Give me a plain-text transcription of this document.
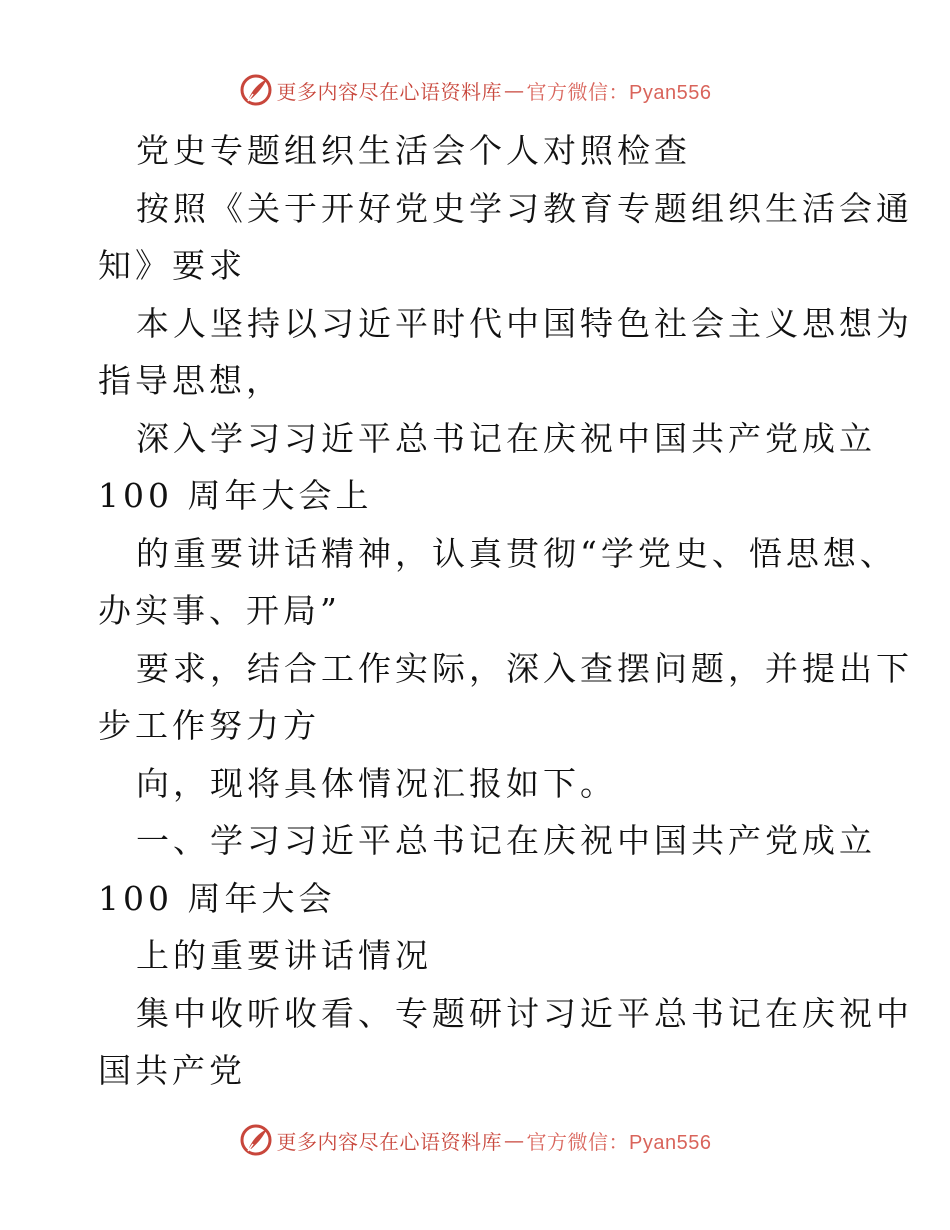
更多内容尽在心语资料库 — 官方微信：Pyan556
党史专题组织生活会个人对照检查
按照《关于开好党史学习教育专题组织生活会通
知》要求
本人坚持以习近平时代中国特色社会主义思想为
指导思想，
深入学习习近平总书记在庆祝中国共产党成立
100 周年大会上
的重要讲话精神，认真贯彻“学党史、悟思想、
办实事、开局”
要求，结合工作实际，深入查摆问题，并提出下
步工作努力方
向，现将具体情况汇报如下。
一、学习习近平总书记在庆祝中国共产党成立
100 周年大会
上的重要讲话情况
集中收听收看、专题研讨习近平总书记在庆祝中
国共产党
更多内容尽在心语资料库 — 官方微信：Pyan556
